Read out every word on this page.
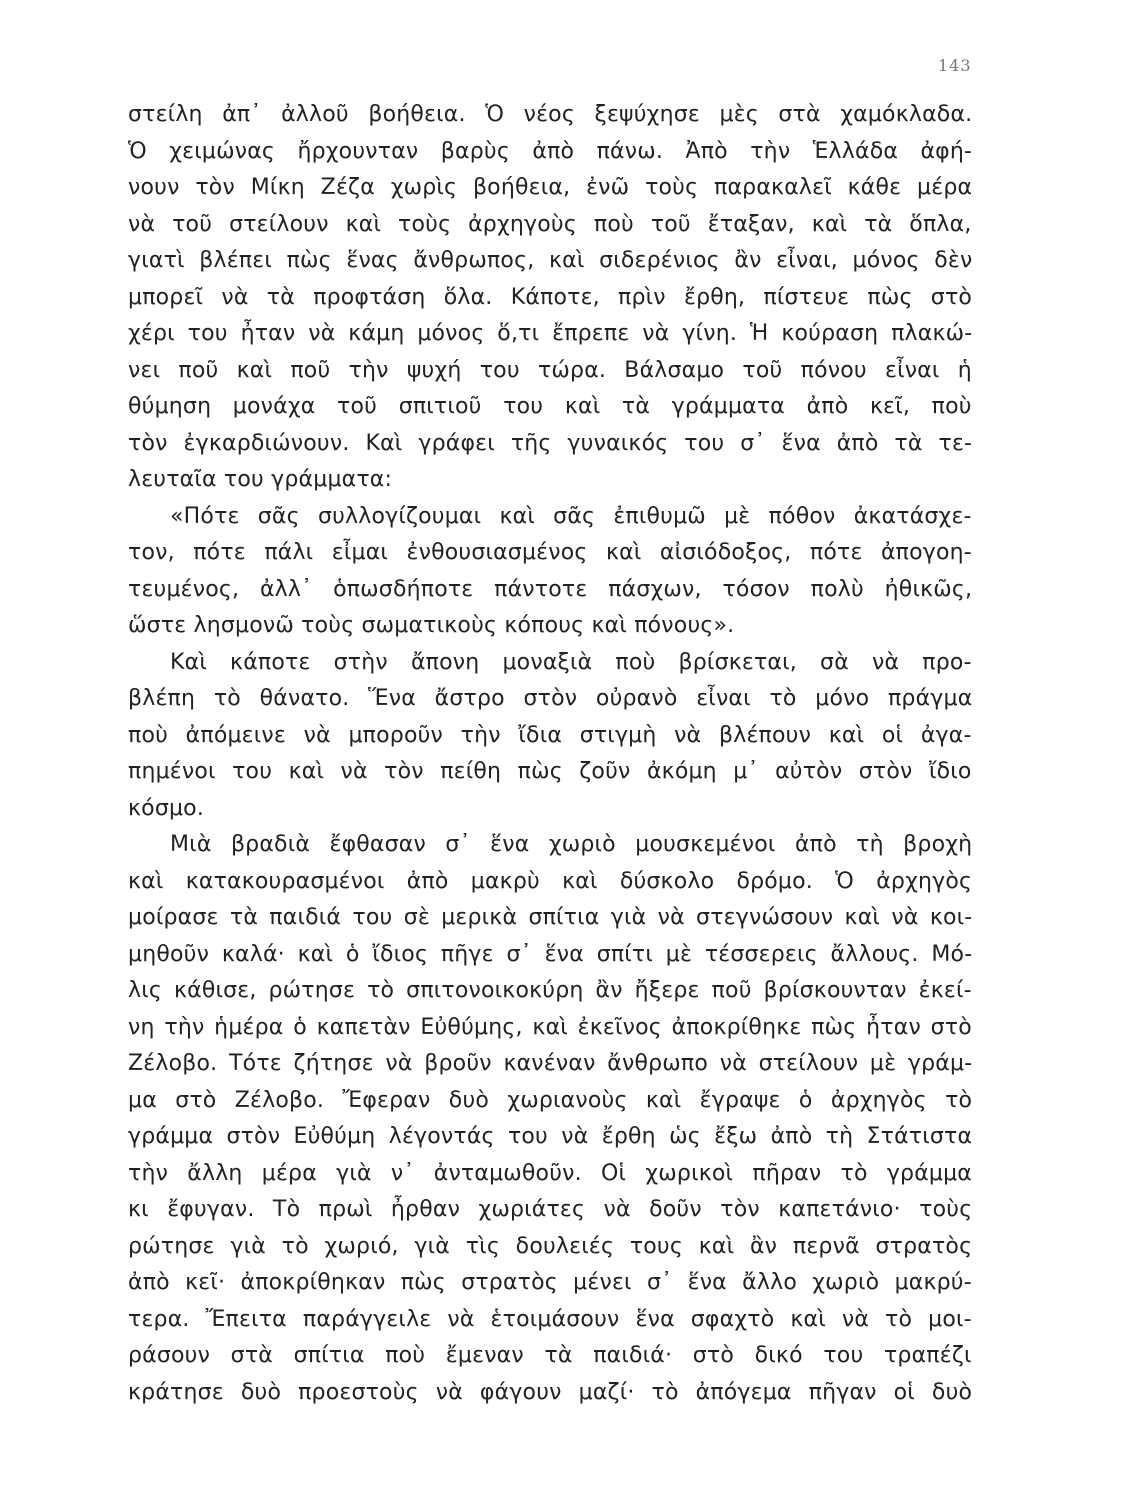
143
στείλη ἀπ᾽ ἀλλοῦ βοήθεια. Ὁ νέος ξεψύχησε μὲς στὰ χαμόκλαδα.
Ὁ χειμώνας ἤρχουνταν βαρὺς ἀπὸ πάνω. Ἀπὸ τὴν Ἑλλάδα ἀφή-
νουν τὸν Μίκη Ζέζα χωρὶς βοήθεια, ἐνῶ τοὺς παρακαλεῖ κάθε μέρα
νὰ τοῦ στείλουν καὶ τοὺς ἀρχηγοὺς ποὺ τοῦ ἔταξαν, καὶ τὰ ὅπλα,
γιατὶ βλέπει πὼς ἕνας ἄνθρωπος, καὶ σιδερένιος ἂν εἶναι, μόνος δὲν
μπορεῖ νὰ τὰ προφτάση ὅλα. Κάποτε, πρὶν ἔρθη, πίστευε πὼς στὸ
χέρι του ἦταν νὰ κάμη μόνος ὅ,τι ἔπρεπε νὰ γίνη. Ἡ κούραση πλακώ-
νει ποῦ καὶ ποῦ τὴν ψυχή του τώρα. Βάλσαμο τοῦ πόνου εἶναι ἡ
θύμηση μονάχα τοῦ σπιτιοῦ του καὶ τὰ γράμματα ἀπὸ κεῖ, ποὺ
τὸν ἐγκαρδιώνουν. Καὶ γράφει τῆς γυναικός του σ᾽ ἕνα ἀπὸ τὰ τε-
λευταῖα του γράμματα:
«Πότε σᾶς συλλογίζουμαι καὶ σᾶς ἐπιθυμῶ μὲ πόθον ἀκατάσχε-
τον, πότε πάλι εἶμαι ἐνθουσιασμένος καὶ αἰσιόδοξος, πότε ἀπογοη-
τευμένος, ἀλλ᾽ ὁπωσδήποτε πάντοτε πάσχων, τόσον πολὺ ἠθικῶς,
ὥστε λησμονῶ τοὺς σωματικοὺς κόπους καὶ πόνους».
Καὶ κάποτε στὴν ἄπονη μοναξιὰ ποὺ βρίσκεται, σὰ νὰ προ-
βλέπη τὸ θάνατο. Ἕνα ἄστρο στὸν οὐρανὸ εἶναι τὸ μόνο πράγμα
ποὺ ἀπόμεινε νὰ μποροῦν τὴν ἴδια στιγμὴ νὰ βλέπουν καὶ οἱ ἀγα-
πημένοι του καὶ νὰ τὸν πείθη πὼς ζοῦν ἀκόμη μ᾽ αὐτὸν στὸν ἴδιο
κόσμο.
Μιὰ βραδιὰ ἔφθασαν σ᾽ ἕνα χωριὸ μουσκεμένοι ἀπὸ τὴ βροχὴ
καὶ κατακουρασμένοι ἀπὸ μακρὺ καὶ δύσκολο δρόμο. Ὁ ἀρχηγὸς
μοίρασε τὰ παιδιά του σὲ μερικὰ σπίτια γιὰ νὰ στεγνώσουν καὶ νὰ κοι-
μηθοῦν καλά· καὶ ὁ ἴδιος πῆγε σ᾽ ἕνα σπίτι μὲ τέσσερεις ἄλλους. Μό-
λις κάθισε, ρώτησε τὸ σπιτονοικοκύρη ἂν ἤξερε ποῦ βρίσκουνταν ἐκεί-
νη τὴν ἡμέρα ὁ καπετὰν Εὐθύμης, καὶ ἐκεῖνος ἀποκρίθηκε πὼς ἦταν στὸ
Ζέλοβο. Τότε ζήτησε νὰ βροῦν κανέναν ἄνθρωπο νὰ στείλουν μὲ γράμ-
μα στὸ Ζέλοβο. Ἔφεραν δυὸ χωριανοὺς καὶ ἔγραψε ὁ ἀρχηγὸς τὸ
γράμμα στὸν Εὐθύμη λέγοντάς του νὰ ἔρθη ὡς ἔξω ἀπὸ τὴ Στάτιστα
τὴν ἄλλη μέρα γιὰ ν᾽ ἀνταμωθοῦν. Οἱ χωρικοὶ πῆραν τὸ γράμμα
κι ἔφυγαν. Τὸ πρωὶ ἦρθαν χωριάτες νὰ δοῦν τὸν καπετάνιο· τοὺς
ρώτησε γιὰ τὸ χωριό, γιὰ τὶς δουλειές τους καὶ ἂν περνᾶ στρατὸς
ἀπὸ κεῖ· ἀποκρίθηκαν πὼς στρατὸς μένει σ᾽ ἕνα ἄλλο χωριὸ μακρύ-
τερα. Ἔπειτα παράγγειλε νὰ ἑτοιμάσουν ἕνα σφαχτὸ καὶ νὰ τὸ μοι-
ράσουν στὰ σπίτια ποὺ ἔμεναν τὰ παιδιά· στὸ δικό του τραπέζι
κράτησε δυὸ προεστοὺς νὰ φάγουν μαζί· τὸ ἀπόγεμα πῆγαν οἱ δυὸ
